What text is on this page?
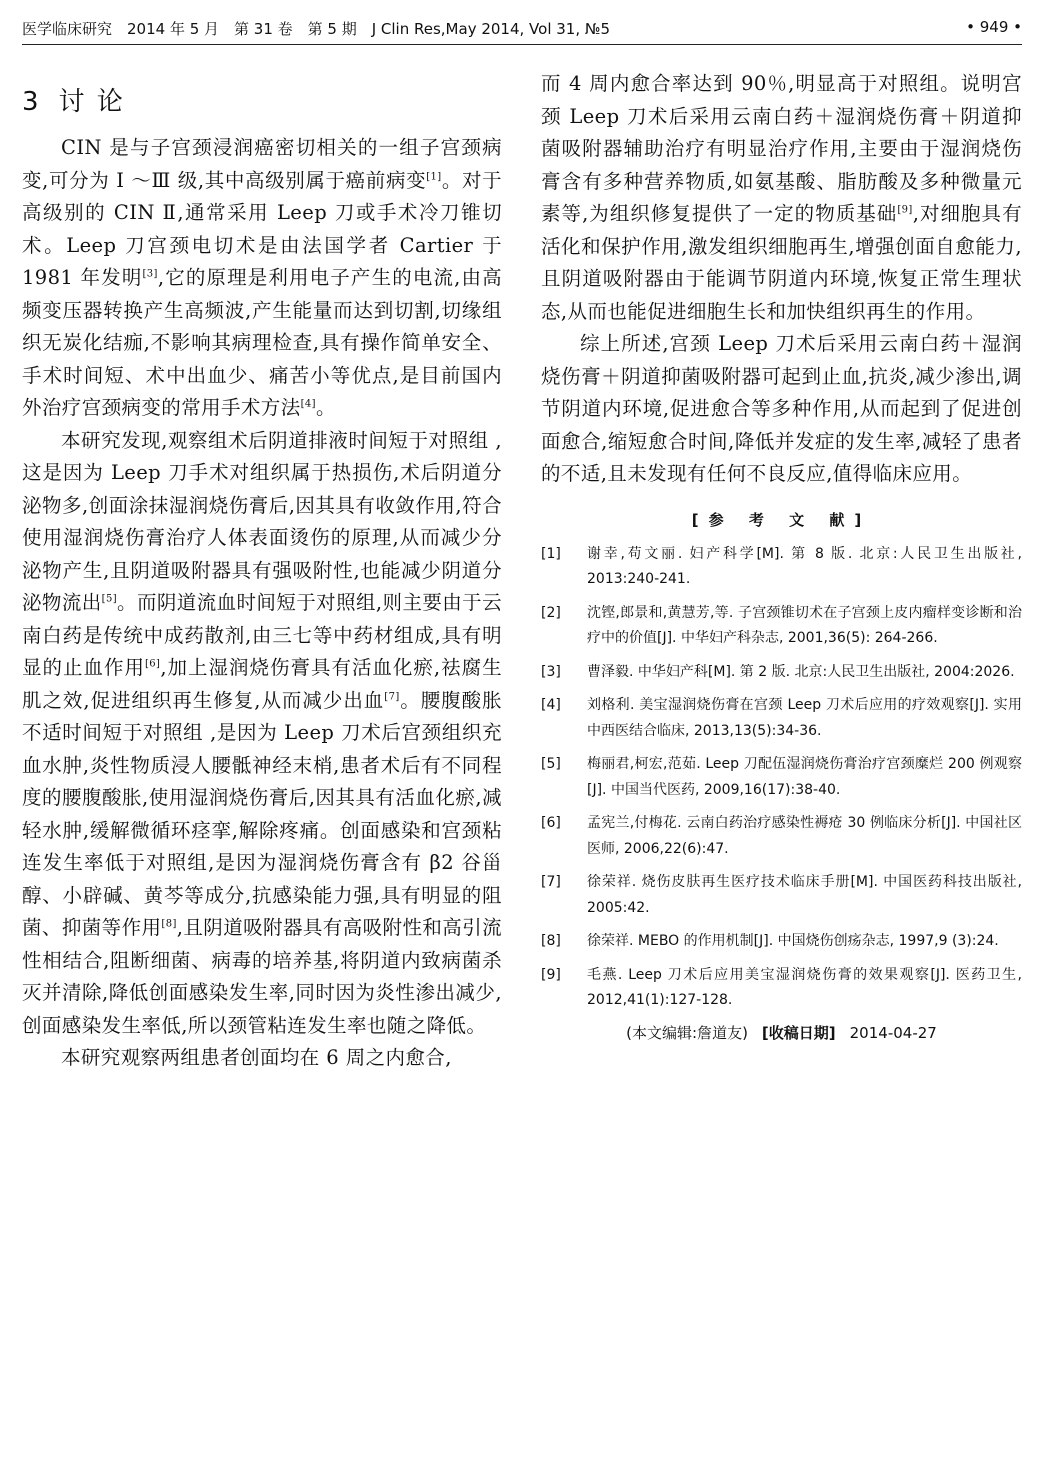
医学临床研究　2014 年 5 月　第 31 卷　第 5 期　J Clin Res,May 2014, Vol 31, №5	• 949 •
3 讨 论

CIN 是与子宫颈浸润癌密切相关的一组子宫颈病变,可分为 Ⅰ ～Ⅲ 级,其中高级别属于癌前病变[1]。对于高级别的 CIN Ⅱ,通常采用 Leep 刀或手术冷刀锥切术。Leep 刀宫颈电切术是由法国学者 Cartier 于 1981 年发明[3],它的原理是利用电子产生的电流,由高频变压器转换产生高频波,产生能量而达到切割,切缘组织无炭化结痂,不影响其病理检查,具有操作简单安全、手术时间短、术中出血少、痛苦小等优点,是目前国内外治疗宫颈病变的常用手术方法[4]。

本研究发现,观察组术后阴道排液时间短于对照组 ,这是因为 Leep 刀手术对组织属于热损伤,术后阴道分泌物多,创面涂抹湿润烧伤膏后,因其具有收敛作用,符合使用湿润烧伤膏治疗人体表面烫伤的原理,从而减少分泌物产生,且阴道吸附器具有强吸附性,也能减少阴道分泌物流出[5]。而阴道流血时间短于对照组,则主要由于云南白药是传统中成药散剂,由三七等中药材组成,具有明显的止血作用[6],加上湿润烧伤膏具有活血化瘀,祛腐生肌之效,促进组织再生修复,从而减少出血[7]。腰腹酸胀不适时间短于对照组 ,是因为 Leep 刀术后宫颈组织充血水肿,炎性物质浸人腰骶神经末梢,患者术后有不同程度的腰腹酸胀,使用湿润烧伤膏后,因其具有活血化瘀,减轻水肿,缓解微循环痉挛,解除疼痛。创面感染和宫颈粘连发生率低于对照组,是因为湿润烧伤膏含有 β2 谷甾醇、小辟碱、黄芩等成分,抗感染能力强,具有明显的阻菌、抑菌等作用[8],且阴道吸附器具有高吸附性和高引流性相结合,阻断细菌、病毒的培养基,将阴道内致病菌杀灭并清除,降低创面感染发生率,同时因为炎性渗出减少,创面感染发生率低,所以颈管粘连发生率也随之降低。

本研究观察两组患者创面均在 6 周之内愈合,

而 4 周内愈合率达到 90％,明显高于对照组。说明宫颈 Leep 刀术后采用云南白药＋湿润烧伤膏＋阴道抑菌吸附器辅助治疗有明显治疗作用,主要由于湿润烧伤膏含有多种营养物质,如氨基酸、脂肪酸及多种微量元素等,为组织修复提供了一定的物质基础[9],对细胞具有活化和保护作用,激发组织细胞再生,增强创面自愈能力,且阴道吸附器由于能调节阴道内环境,恢复正常生理状态,从而也能促进细胞生长和加快组织再生的作用。

综上所述,宫颈 Leep 刀术后采用云南白药＋湿润烧伤膏＋阴道抑菌吸附器可起到止血,抗炎,减少渗出,调节阴道内环境,促进愈合等多种作用,从而起到了促进创面愈合,缩短愈合时间,降低并发症的发生率,减轻了患者的不适,且未发现有任何不良反应,值得临床应用。

[参 考 文 献]
[1] 谢幸,苟文丽. 妇产科学[M]. 第 8 版. 北京:人民卫生出版社, 2013:240-241.
[2] 沈铿,郎景和,黄慧芳,等. 子宫颈锥切术在子宫颈上皮内瘤样变诊断和治疗中的价值[J]. 中华妇产科杂志, 2001,36(5): 264-266.
[3] 曹泽毅. 中华妇产科[M]. 第 2 版. 北京:人民卫生出版社, 2004:2026.
[4] 刘格利. 美宝湿润烧伤膏在宫颈 Leep 刀术后应用的疗效观察[J]. 实用中西医结合临床, 2013,13(5):34-36.
[5] 梅丽君,柯宏,范茹. Leep 刀配伍湿润烧伤膏治疗宫颈糜烂 200 例观察[J]. 中国当代医药, 2009,16(17):38-40.
[6] 孟宪兰,付梅花. 云南白药治疗感染性褥疮 30 例临床分析[J]. 中国社区医师, 2006,22(6):47.
[7] 徐荣祥. 烧伤皮肤再生医疗技术临床手册[M]. 中国医药科技出版社, 2005:42.
[8] 徐荣祥. MEBO 的作用机制[J]. 中国烧伤创疡杂志, 1997,9 (3):24.
[9] 毛燕. Leep 刀术后应用美宝湿润烧伤膏的效果观察[J]. 医药卫生, 2012,41(1):127-128.
(本文编辑:詹道友) [收稿日期] 2014-04-27
